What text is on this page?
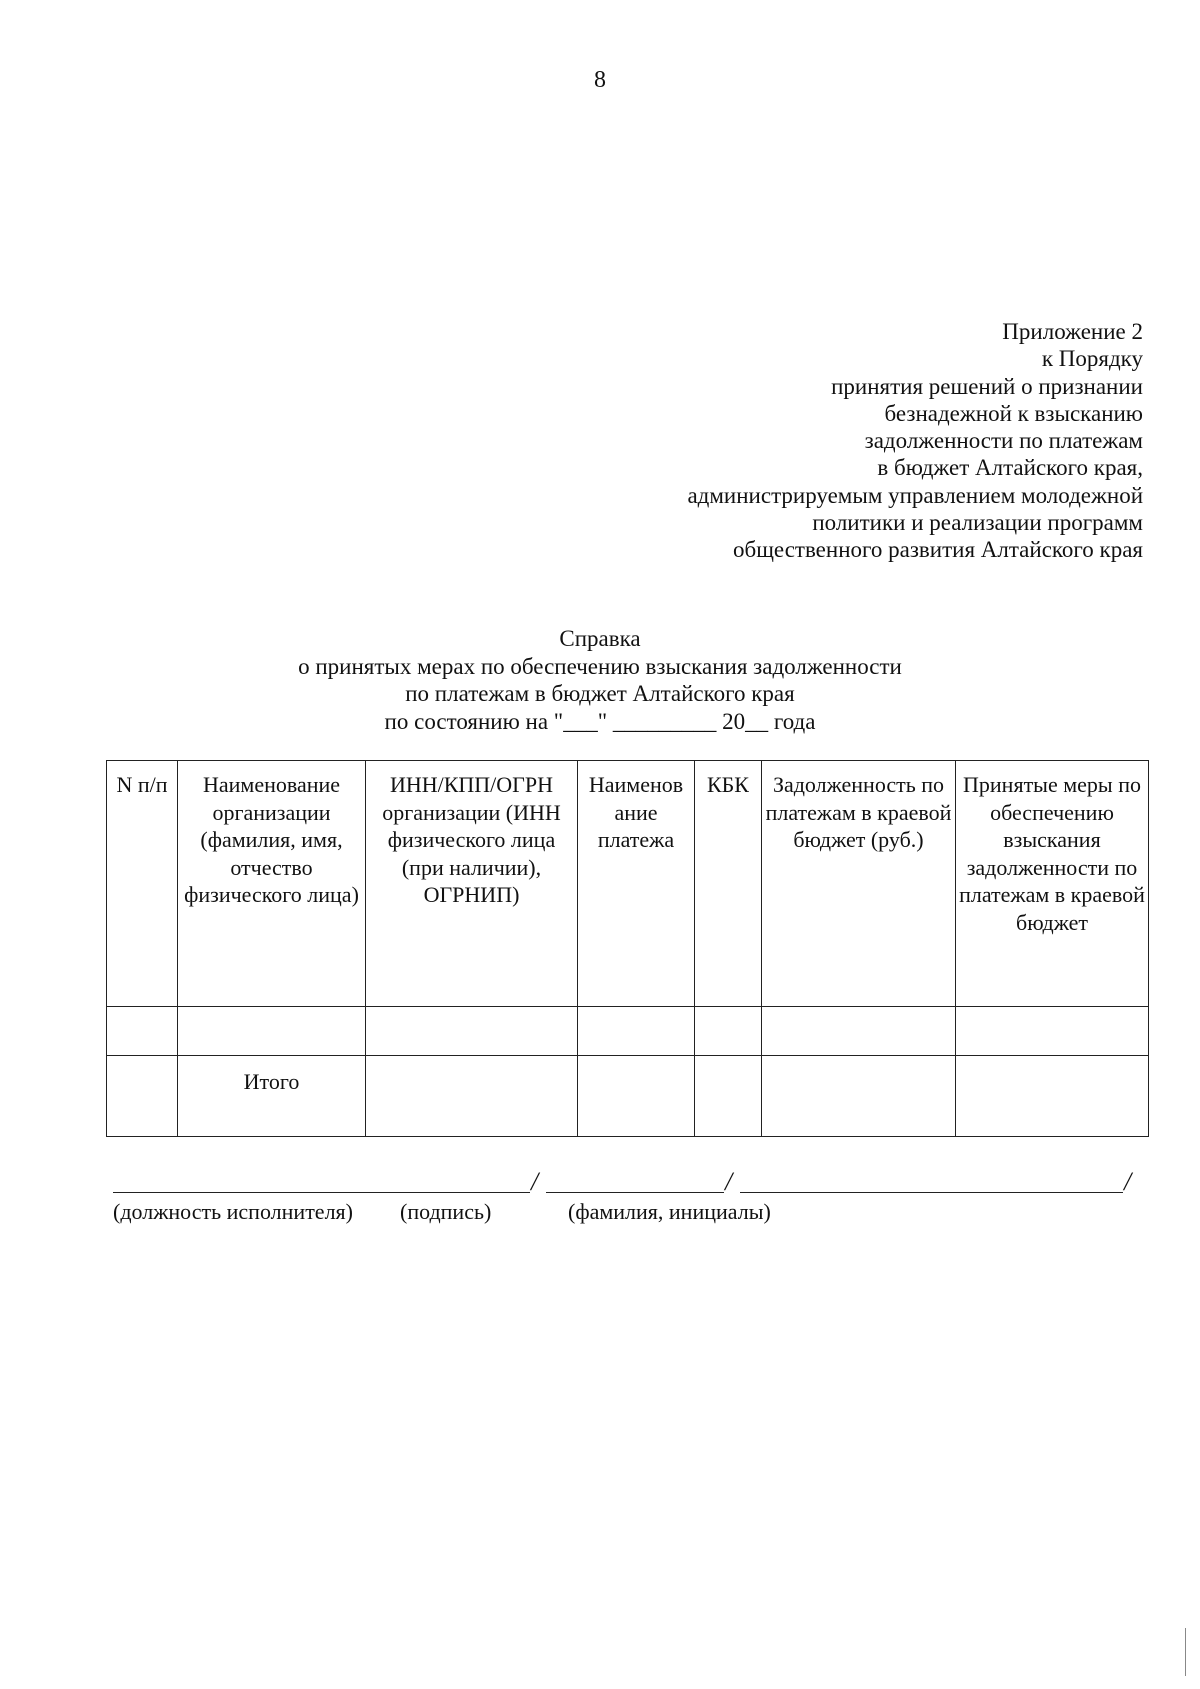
8
Приложение 2
к Порядку
принятия решений о признании
безнадежной к взысканию
задолженности по платежам
в бюджет Алтайского края,
администрируемым управлением молодежной
политики и реализации программ
общественного развития Алтайского края
Справка
о принятых мерах по обеспечению взыскания задолженности
по платежам в бюджет Алтайского края
по состоянию на "___" _________ 20__ года
N п/п	Наименование организации (фамилия, имя, отчество физического лица)	ИНН/КПП/ОГРН организации (ИНН физического лица (при наличии), ОГРНИП)	Наименов ание платежа	КБК	Задолженность по платежам в краевой бюджет (руб.)	Принятые меры по обеспечению взыскания задолженности по платежам в краевой бюджет

	Итого					
/	/	/
(должность исполнителя) (подпись)	(фамилия, инициалы)
